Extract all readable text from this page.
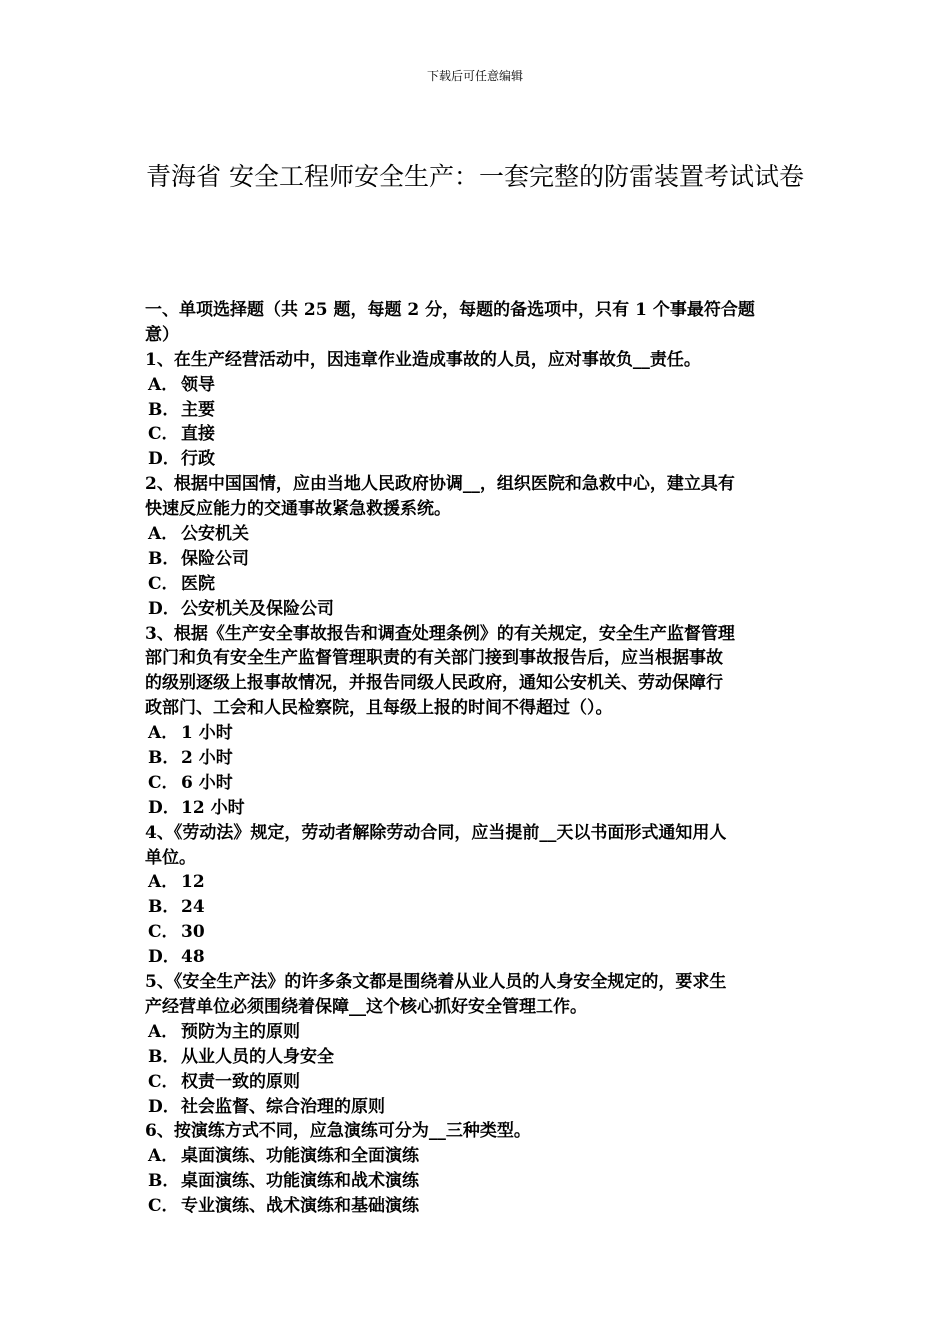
下载后可任意编辑
青海省 安全工程师安全生产：一套完整的防雷装置考试试卷
一、单项选择题（共 25 题，每题 2 分，每题的备选项中，只有 1 个事最符合题
意）
1、在生产经营活动中，因违章作业造成事故的人员，应对事故负__责任。
A． 领导
B．主要
C． 直接
D．行政
2、根据中国国情，应由当地人民政府协调__，组织医院和急救中心，建立具有
快速反应能力的交通事故紧急救援系统。
A． 公安机关
B．保险公司
C． 医院
D．公安机关及保险公司
3、根据《生产安全事故报告和调查处理条例》的有关规定，安全生产监督管理
部门和负有安全生产监督管理职责的有关部门接到事故报告后，应当根据事故
的级别逐级上报事故情况，并报告同级人民政府，通知公安机关、劳动保障行
政部门、工会和人民检察院，且每级上报的时间不得超过（）。
A． 1 小时
B．2 小时
C． 6 小时
D．12 小时
4、《劳动法》规定，劳动者解除劳动合同，应当提前__天以书面形式通知用人
单位。
A． 12
B．24
C． 30
D．48
5、《安全生产法》的许多条文都是围绕着从业人员的人身安全规定的，要求生
产经营单位必须围绕着保障__这个核心抓好安全管理工作。
A． 预防为主的原则
B．从业人员的人身安全
C． 权责一致的原则
D．社会监督、综合治理的原则
6、按演练方式不同，应急演练可分为__三种类型。
A． 桌面演练、功能演练和全面演练
B．桌面演练、功能演练和战术演练
C． 专业演练、战术演练和基础演练
